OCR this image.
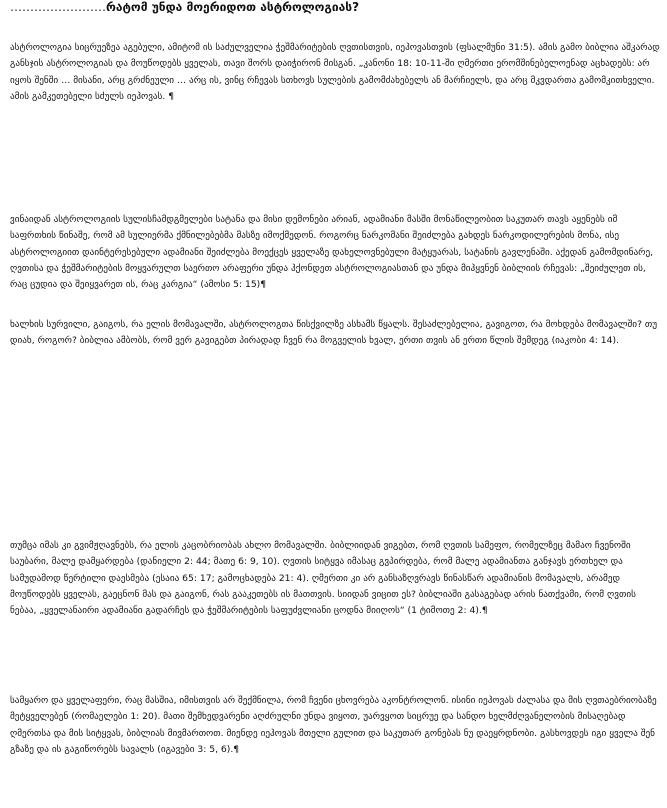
……………………რატომ უნდა მოერიდოთ ასტროლოგიას?

ასტროლოგია სიცრუეზეა აგებული, ამიტომ ის საძულველია ჭეშმარიტების ღვთისთვის, იეჰოვასთვის (ფსალმუნი 31:5). ამის გამო ბიბლია აშკარად განსჯის ასტროლოგიას და მოუწოდებს ყველას, თავი შორს დაიჭირონ მისგან. „კანონი 18: 10-11-ში ღმერთი ერომშინებელოენად აცხადებს: არ იყოს შენში … მისანი, არც გრძნეული … არც ის, ვინც რჩევას სთხოვს სულების გამომძახებელს ან მარჩიელს, და არც მკვდართა გამომკითხველი. ამის გამკეთებელი სძულს იეჰოვას. ¶

ვინაიდან ასტროლოგიის სულისჩამდგმელები სატანა და მისი დემონები არიან, ადამიანი მასში მონაწილეობით საკუთარ თავს აყენებს იმ საფრთხის წინაშე, რომ ამ სულიერმა ქმნილებებმა მასზე იმოქმედონ. როგორც ნარკომანი შეიძლება გახდეს ნარკოდილერების მონა, ისე ასტროლოგიით დაინტერესებული ადამიანი შეიძლება მოექცეს ყველაზე დახელოვნებული მატყუარას, სატანის გავლენაში. აქედან გამომდინარე, ღვთისა და ჭეშმარიტების მოყვარულთ საერთო არაფერი უნდა ჰქონდეთ ასტროლოგიასთან და უნდა მიჰყვნენ ბიბლიის რჩევას: „შეიძულეთ ის, რაც ცუდია და შეიყვარეთ ის, რაც კარგია“ (ამოსი 5: 15)¶

ხალხის სურვილი, გაიგოს, რა ელის მომავალში, ასტროლოგთა წისქვილზე ასხამს წყალს. შესაძლებელია, გავიგოთ, რა მოხდება მომავალში? თუ დიახ, როგორ? ბიბლია ამბობს, რომ ვერ გავიგებთ პირადად ჩვენ რა მოგველის ხვალ, ერთი თვის ან ერთი წლის შემდეგ (იაკობი 4: 14).

თუმცა იმას კი გვიმჟღავნებს, რა ელის კაცობრიობას ახლო მომავალში. ბიბლიიდან ვიგებთ, რომ ღვთის სამეფო, რომელზეც მამაო ჩვენოში საუბარი, მალე დამყარდება (დანიელი 2: 44; მათე 6: 9, 10). ღვთის სიტყვა იმასაც გვპირდება, რომ მალე ადამიანთა განჯავს ერთხელ და სამუდამოდ წერტილი დაესმება (ესაია 65: 17; გამოცხადება 21: 4). ღმერთი კი არ განსაზღვრავს წინასწარ ადამიანის მომავალს, არამედ მოუწოდებს ყველას, გაეცნონ მას და გაიგონ, რას გააკეთებს ის მათთვის. სიიდან ვიცით ეს? ბიბლიაში გასაგებად არის ნათქვამი, რომ ღვთის ნებაა, „ყველანაირი ადამიანი გადარჩეს და ჭეშმარიტების საფუძვლიანი ცოდნა მიიღოს“ (1 ტიმოთე 2: 4).¶

სამყარო და ყველაფერი, რაც მასშია, იმისთვის არ შექმნილა, რომ ჩვენი ცხოვრება აკონტროლონ. ისინი იეჰოვას ძალასა და მის ღვთაებრიობაზე მეტყველებენ (რომაელები 1: 20). მათი შემხედვარენი აღძრულნი უნდა ვიყოთ, უარვყოთ სიცრუე და სანდო ხელმძღვანელობის მისაღებად ღმერთსა და მის სიტყვას, ბიბლიას მივმართოთ. მიენდე იეჰოვას მთელი გულით და საკუთარ გონებას ნუ დაეყრდნობი. გასხოვდეს იგი ყველა შენ გზაზე და ის გაგიწორებს სავალს (იგავები 3: 5, 6).¶
